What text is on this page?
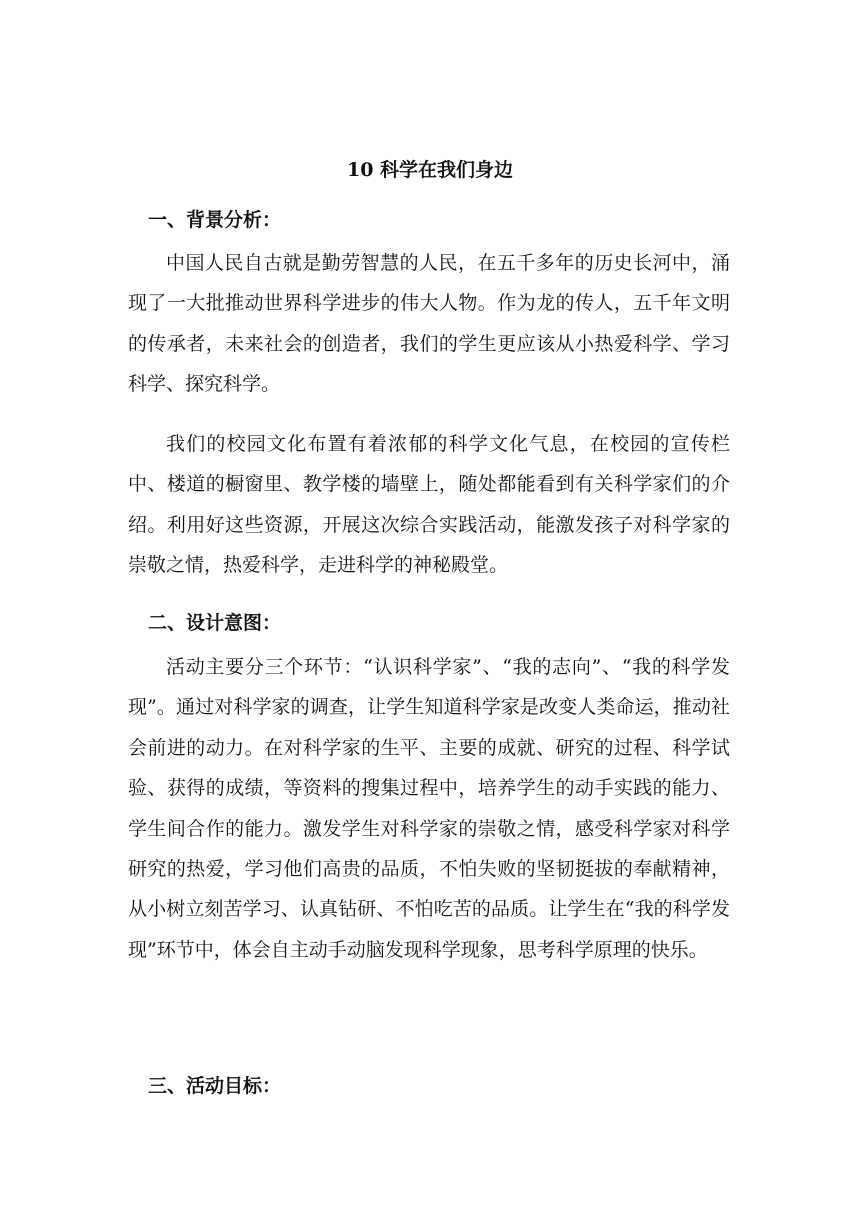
10 科学在我们身边
一、背景分析：

中国人民自古就是勤劳智慧的人民，在五千多年的历史长河中，涌现了一大批推动世界科学进步的伟大人物。作为龙的传人，五千年文明的传承者，未来社会的创造者，我们的学生更应该从小热爱科学、学习科学、探究科学。

我们的校园文化布置有着浓郁的科学文化气息，在校园的宣传栏中、楼道的橱窗里、教学楼的墙壁上，随处都能看到有关科学家们的介绍。利用好这些资源，开展这次综合实践活动，能激发孩子对科学家的崇敬之情，热爱科学，走进科学的神秘殿堂。

二、设计意图：

活动主要分三个环节：“认识科学家”、“我的志向”、“我的科学发现”。通过对科学家的调查，让学生知道科学家是改变人类命运，推动社会前进的动力。在对科学家的生平、主要的成就、研究的过程、科学试验、获得的成绩，等资料的搜集过程中，培养学生的动手实践的能力、学生间合作的能力。激发学生对科学家的崇敬之情，感受科学家对科学研究的热爱，学习他们高贵的品质，不怕失败的坚韧挺拔的奉献精神，从小树立刻苦学习、认真钻研、不怕吃苦的品质。让学生在“我的科学发现”环节中，体会自主动手动脑发现科学现象，思考科学原理的快乐。

三、活动目标：
